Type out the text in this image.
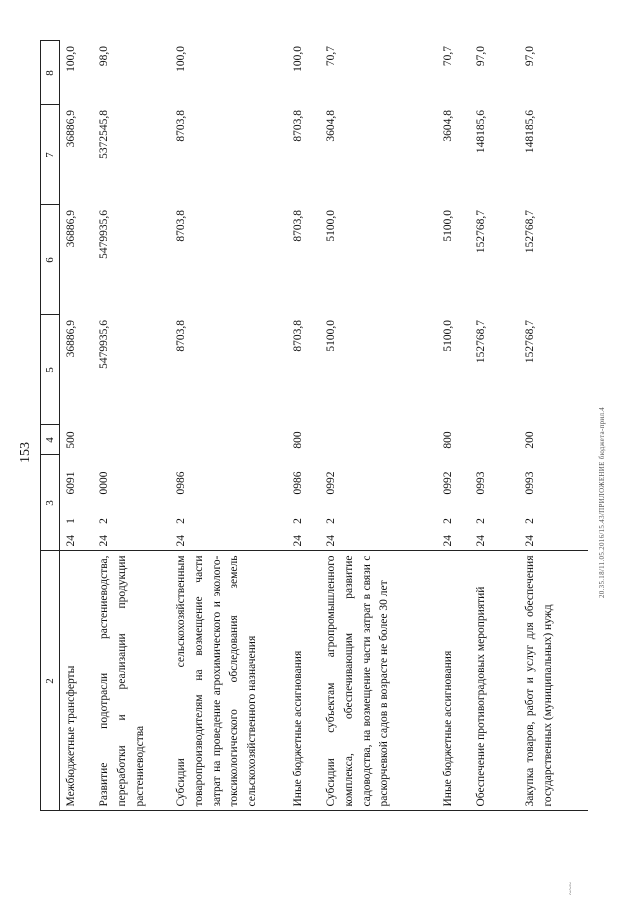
153
	2	3			4	5	6	7	8
	Межбюджетные трансферты	24	1	6091	500	36886,9	36886,9	36886,9	100,0
	Развитие подотрасли растениеводства, переработки и реализации продукции растениеводства	24	2	0000		5479935,6	5479935,6	5372545,8	98,0
	Субсидии сельскохозяйственным товаропроизводителям на возмещение части затрат на проведение агрохимического и эколого-токсикологического обследования земель сельскохозяйственного назначения	24	2	0986		8703,8	8703,8	8703,8	100,0
	Иные бюджетные ассигнования	24	2	0986	800	8703,8	8703,8	8703,8	100,0
	Субсидии субъектам агропромышленного комплекса, обеспечивающим развитие садоводства, на возмещение части затрат в связи с раскорчевкой садов в возрасте не более 30 лет	24	2	0992		5100,0	5100,0	3604,8	70,7
	Иные бюджетные ассигнования	24	2	0992	800	5100,0	5100,0	3604,8	70,7
	Обеспечение противоградовых мероприятий	24	2	0993		152768,7	152768,7	148185,6	97,0
	Закупка товаров, работ и услуг для обеспечения государственных (муниципальных) нужд	24	2	0993	200	152768,7	152768,7	148185,6	97,0
~~~
20.35.18/11.05.2016/15.43/ПРИЛОЖЕНИЕ бюджета-прил.4
